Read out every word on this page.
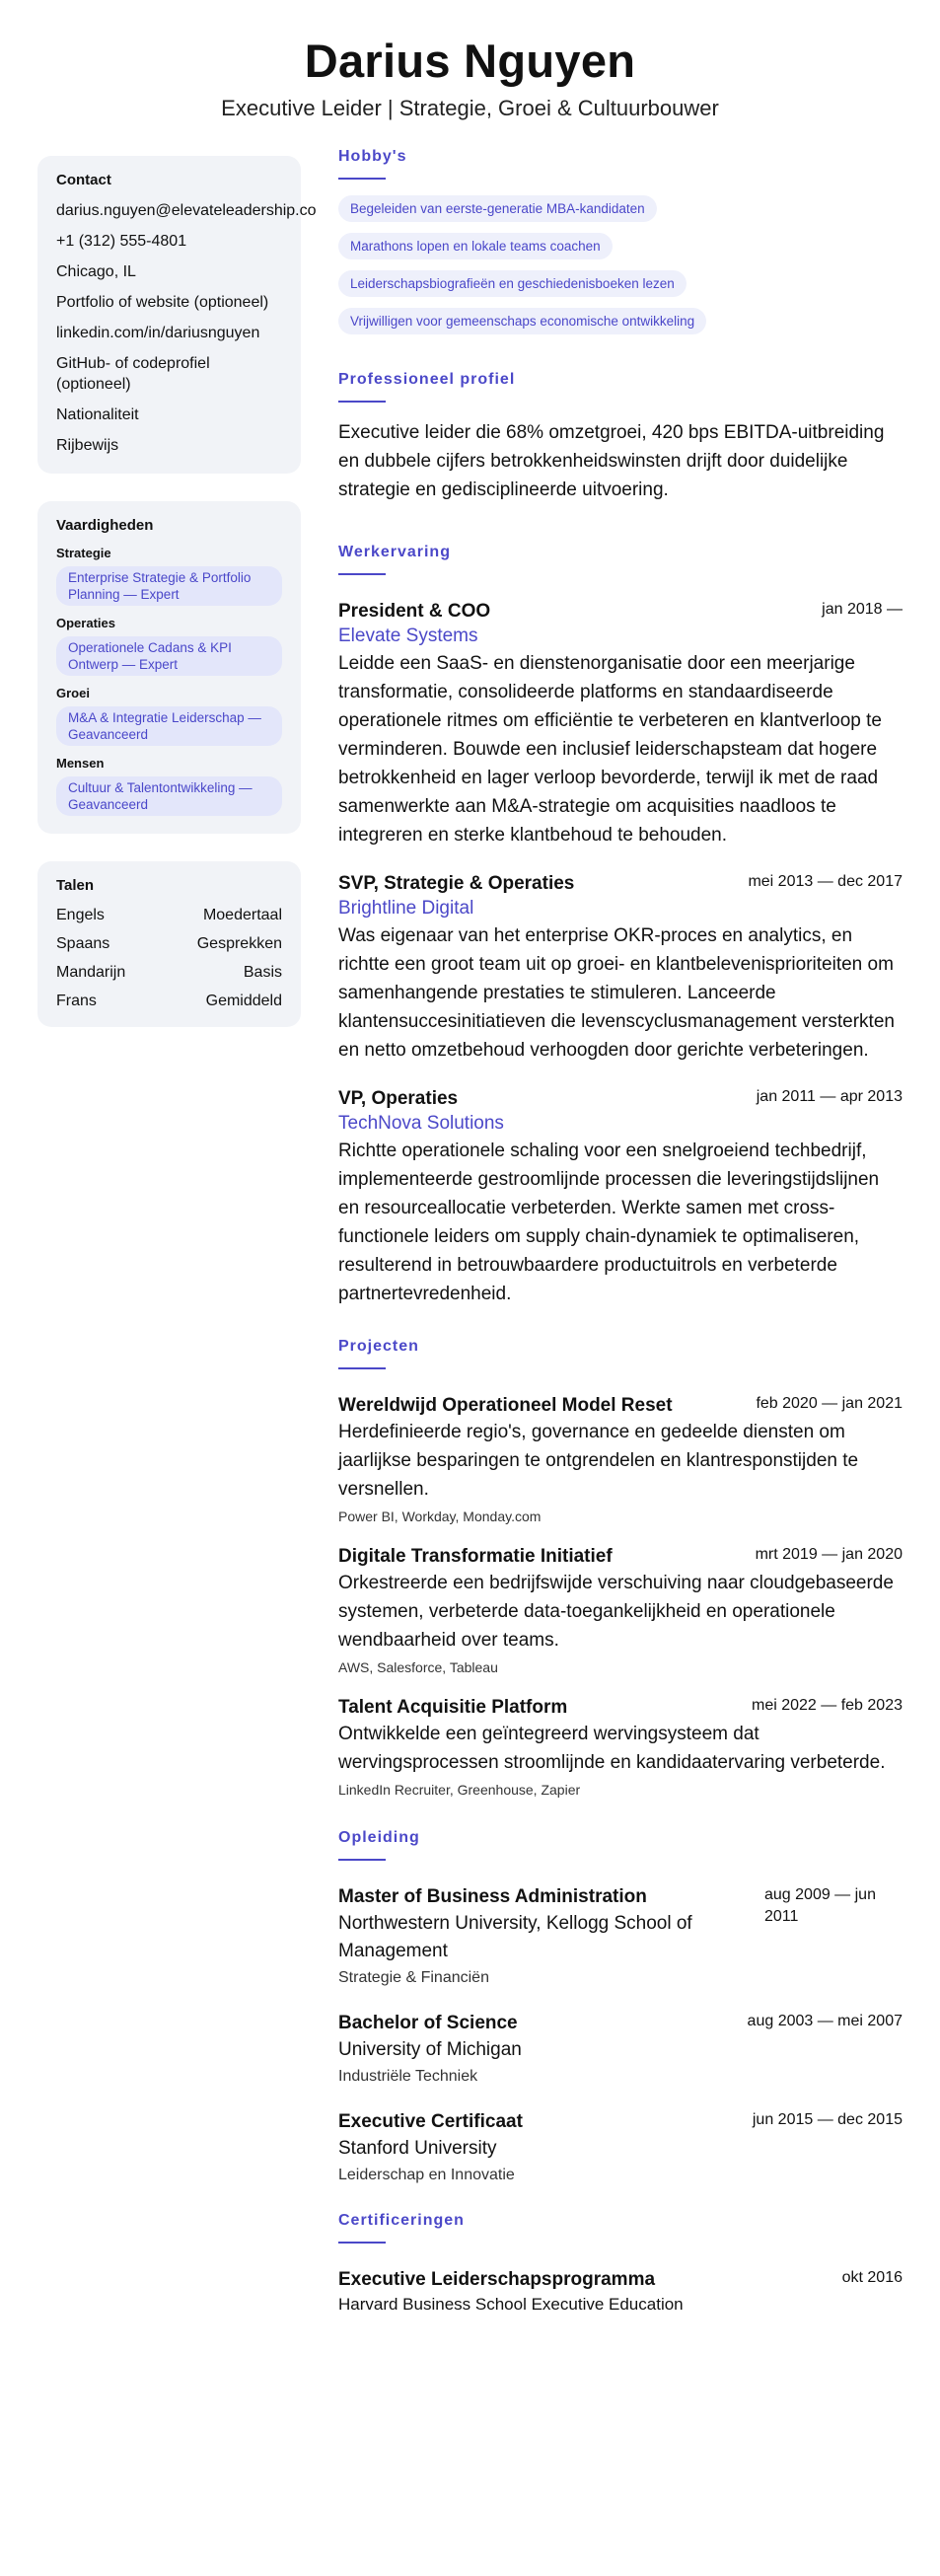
Darius Nguyen
Executive Leider | Strategie, Groei & Cultuurbouwer
Contact
darius.nguyen@elevateleadership.co
+1 (312) 555-4801
Chicago, IL
Portfolio of website (optioneel)
linkedin.com/in/dariusnguyen
GitHub- of codeprofiel (optioneel)
Nationaliteit
Rijbewijs
Vaardigheden
Strategie
Enterprise Strategie & Portfolio Planning — Expert
Operaties
Operationele Cadans & KPI Ontwerp — Expert
Groei
M&A & Integratie Leiderschap — Geavanceerd
Mensen
Cultuur & Talentontwikkeling — Geavanceerd
Talen
Engels	Moedertaal
Spaans	Gesprekken
Mandarijn	Basis
Frans	Gemiddeld
Hobby's
Begeleiden van eerste-generatie MBA-kandidaten
Marathons lopen en lokale teams coachen
Leiderschapsbiografieën en geschiedenisboeken lezen
Vrijwilligen voor gemeenschaps economische ontwikkeling
Professioneel profiel

Executive leider die 68% omzetgroei, 420 bps EBITDA-uitbreiding en dubbele cijfers betrokkenheidswinsten drijft door duidelijke strategie en gedisciplineerde uitvoering.

Werkervaring
President & COO	jan 2018 —
Elevate Systems
Leidde een SaaS- en dienstenorganisatie door een meerjarige transformatie, consolideerde platforms en standaardiseerde operationele ritmes om efficiëntie te verbeteren en klantverloop te verminderen. Bouwde een inclusief leiderschapsteam dat hogere betrokkenheid en lager verloop bevorderde, terwijl ik met de raad samenwerkte aan M&A-strategie om acquisities naadloos te integreren en sterke klantbehoud te behouden.
SVP, Strategie & Operaties	mei 2013 — dec 2017
Brightline Digital
Was eigenaar van het enterprise OKR-proces en analytics, en richtte een groot team uit op groei- en klantbelevenisprioriteiten om samenhangende prestaties te stimuleren. Lanceerde klantensuccesinitiatieven die levenscyclusmanagement versterkten en netto omzetbehoud verhoogden door gerichte verbeteringen.
VP, Operaties	jan 2011 — apr 2013
TechNova Solutions
Richtte operationele schaling voor een snelgroeiend techbedrijf, implementeerde gestroomlijnde processen die leveringstijdslijnen en resourceallocatie verbeterden. Werkte samen met cross-functionele leiders om supply chain-dynamiek te optimaliseren, resulterend in betrouwbaardere productuitrols en verbeterde partnertevredenheid.
Projecten
Wereldwijd Operationeel Model Reset	feb 2020 — jan 2021
Herdefinieerde regio's, governance en gedeelde diensten om jaarlijkse besparingen te ontgrendelen en klantresponstijden te versnellen.
Power BI, Workday, Monday.com
Digitale Transformatie Initiatief	mrt 2019 — jan 2020
Orkestreerde een bedrijfswijde verschuiving naar cloudgebaseerde systemen, verbeterde data-toegankelijkheid en operationele wendbaarheid over teams.
AWS, Salesforce, Tableau
Talent Acquisitie Platform	mei 2022 — feb 2023
Ontwikkelde een geïntegreerd wervingsysteem dat wervingsprocessen stroomlijnde en kandidaatervaring verbeterde.
LinkedIn Recruiter, Greenhouse, Zapier
Opleiding
Master of Business Administration
Northwestern University, Kellogg School of Management
Strategie & Financiën
aug 2009 — jun 2011
Bachelor of Science
University of Michigan
Industriële Techniek
aug 2003 — mei 2007
Executive Certificaat
Stanford University
Leiderschap en Innovatie
jun 2015 — dec 2015
Certificeringen
Executive Leiderschapsprogramma
Harvard Business School Executive Education
okt 2016
